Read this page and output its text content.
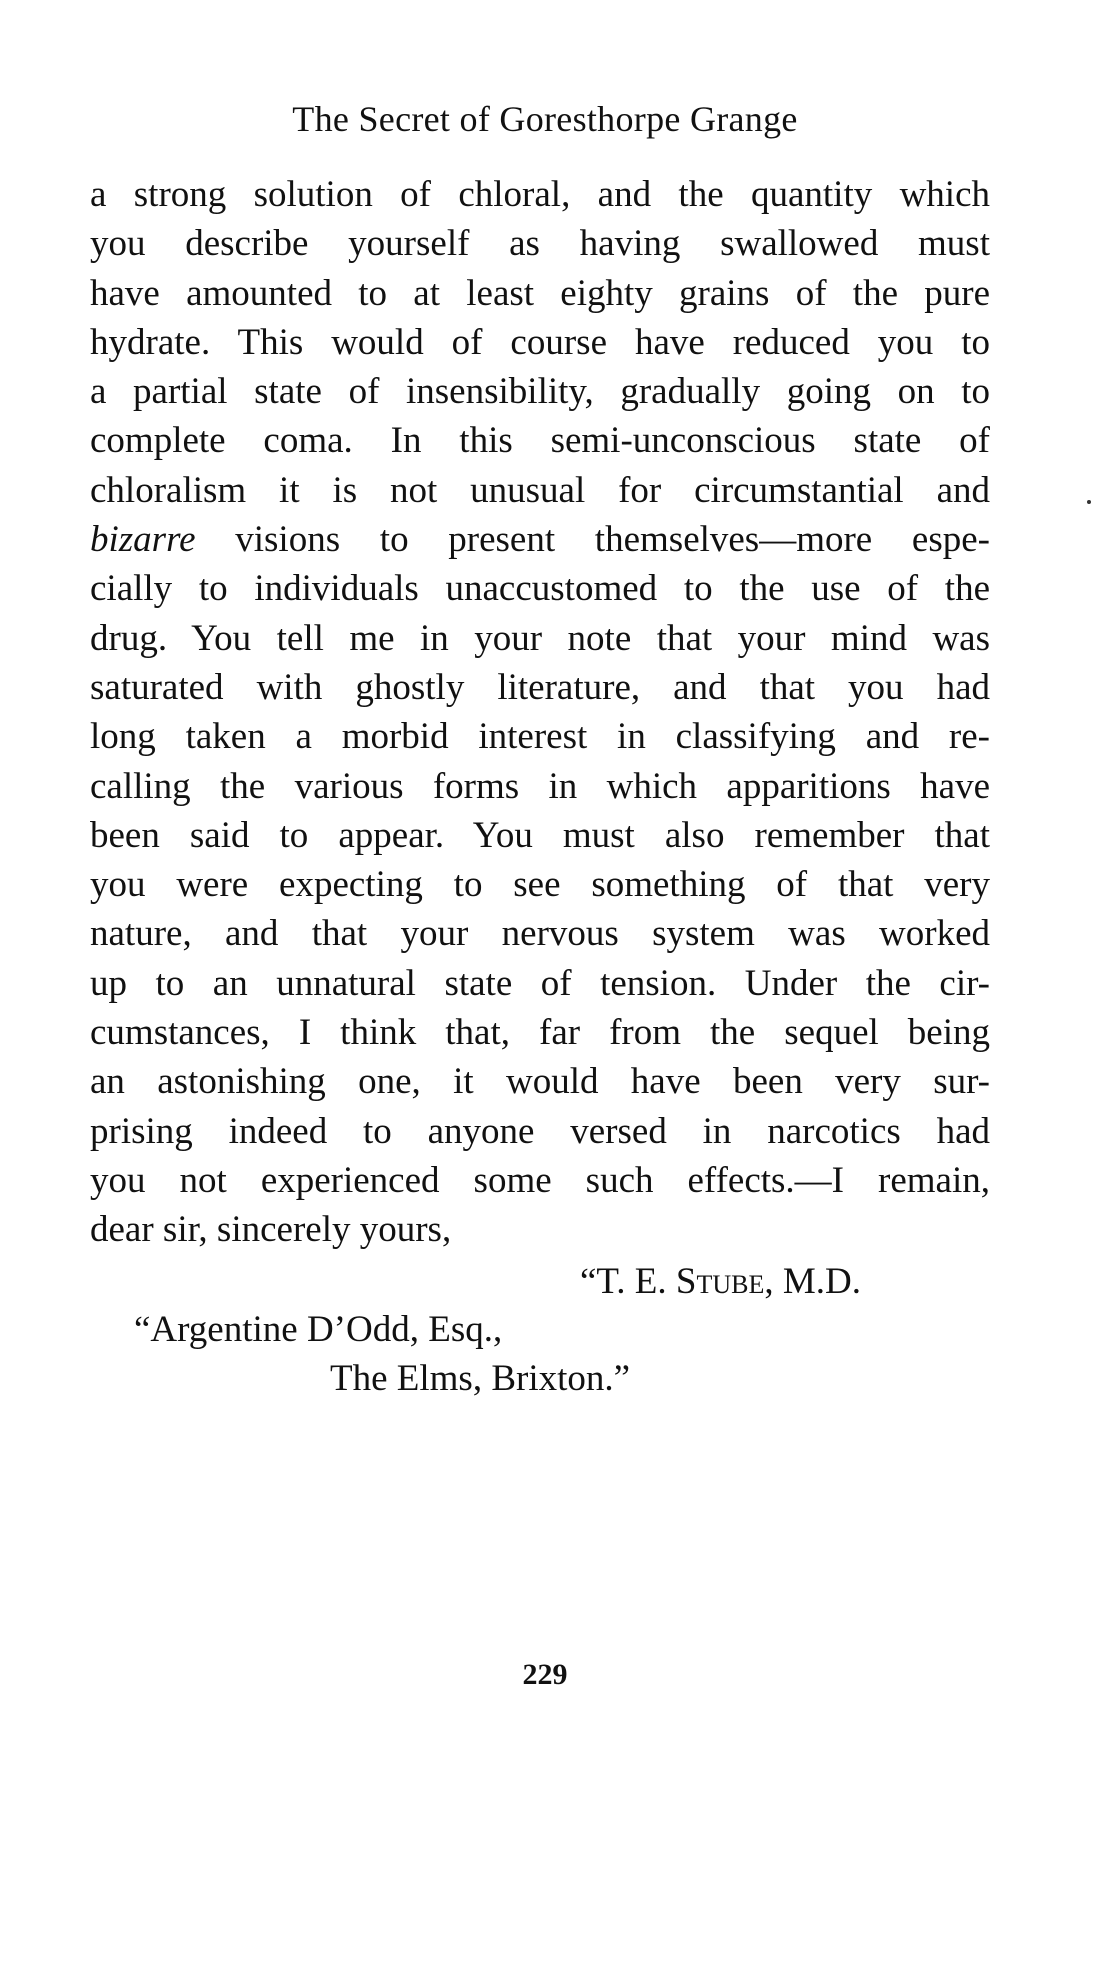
The Secret of Goresthorpe Grange
a strong solution of chloral, and the quantity which
you describe yourself as having swallowed must
have amounted to at least eighty grains of the pure
hydrate. This would of course have reduced you to
a partial state of insensibility, gradually going on to
complete coma. In this semi-unconscious state of
chloralism it is not unusual for circumstantial and
bizarre visions to present themselves—more espe-
cially to individuals unaccustomed to the use of the
drug. You tell me in your note that your mind was
saturated with ghostly literature, and that you had
long taken a morbid interest in classifying and re-
calling the various forms in which apparitions have
been said to appear. You must also remember that
you were expecting to see something of that very
nature, and that your nervous system was worked
up to an unnatural state of tension. Under the cir-
cumstances, I think that, far from the sequel being
an astonishing one, it would have been very sur-
prising indeed to anyone versed in narcotics had
you not experienced some such effects.—I remain,
dear sir, sincerely yours,
“T. E. Stube, M.D.
“Argentine D’Odd, Esq.,
The Elms, Brixton.”
229
